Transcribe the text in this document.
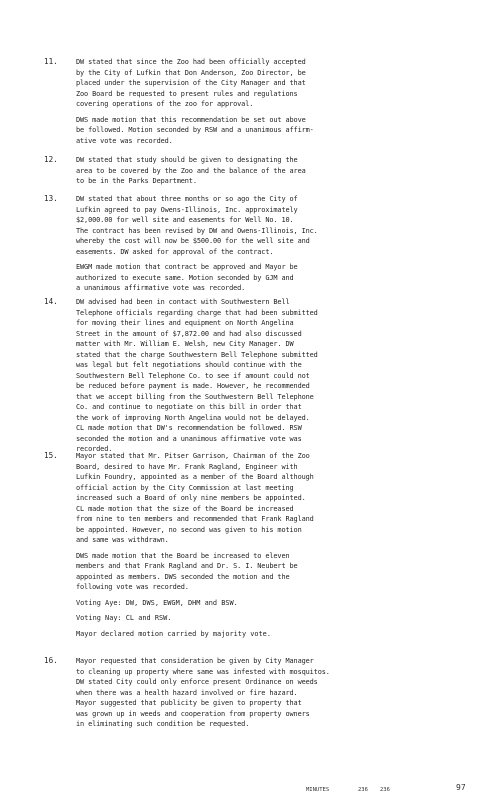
11.	DW stated that since the Zoo had been officially accepted
by the City of Lufkin that Don Anderson, Zoo Director, be
placed under the supervision of the City Manager and that
Zoo Board be requested to present rules and regulations
covering operations of the zoo for approval.

DWS made motion that this recommendation be set out above
be followed. Motion seconded by RSW and a unanimous affirm-
ative vote was recorded.

12.	DW stated that study should be given to designating the
area to be covered by the Zoo and the balance of the area
to be in the Parks Department.

13.	DW stated that about three months or so ago the City of
Lufkin agreed to pay Owens-Illinois, Inc. approximately
$2,000.00 for well site and easements for Well No. 10.
The contract has been revised by DW and Owens-Illinois, Inc.
whereby the cost will now be $500.00 for the well site and
easements. DW asked for approval of the contract.

EWGM made motion that contract be approved and Mayor be
authorized to execute same. Motion seconded by GJM and
a unanimous affirmative vote was recorded.

14.	DW advised had been in contact with Southwestern Bell
Telephone officials regarding charge that had been submitted
for moving their lines and equipment on North Angelina
Street in the amount of $7,872.00 and had also discussed
matter with Mr. William E. Welsh, new City Manager. DW
stated that the charge Southwestern Bell Telephone submitted
was legal but felt negotiations should continue with the
Southwestern Bell Telephone Co. to see if amount could not
be reduced before payment is made. However, he recommended
that we accept billing from the Southwestern Bell Telephone
Co. and continue to negotiate on this bill in order that
the work of improving North Angelina would not be delayed.
CL made motion that DW's recommendation be followed. RSW
seconded the motion and a unanimous affirmative vote was
recorded.

15.	Mayor stated that Mr. Pitser Garrison, Chairman of the Zoo
Board, desired to have Mr. Frank Ragland, Engineer with
Lufkin Foundry, appointed as a member of the Board although
official action by the City Commission at last meeting
increased such a Board of only nine members be appointed.
CL made motion that the size of the Board be increased
from nine to ten members and recommended that Frank Ragland
be appointed. However, no second was given to his motion
and same was withdrawn.

DWS made motion that the Board be increased to eleven
members and that Frank Ragland and Dr. S. I. Neubert be
appointed as members. DWS seconded the motion and the
following vote was recorded.

Voting Aye: DW, DWS, EWGM, DHM and BSW.

Voting Nay: CL and RSW.

Mayor declared motion carried by majority vote.

16.	Mayor requested that consideration be given by City Manager
to cleaning up property where same was infested with mosquitos.
DW stated City could only enforce present Ordinance on weeds
when there was a health hazard involved or fire hazard.
Mayor suggested that publicity be given to property that
was grown up in weeds and cooperation from property owners
in eliminating such condition be requested.

MINUTES	236 236	97
